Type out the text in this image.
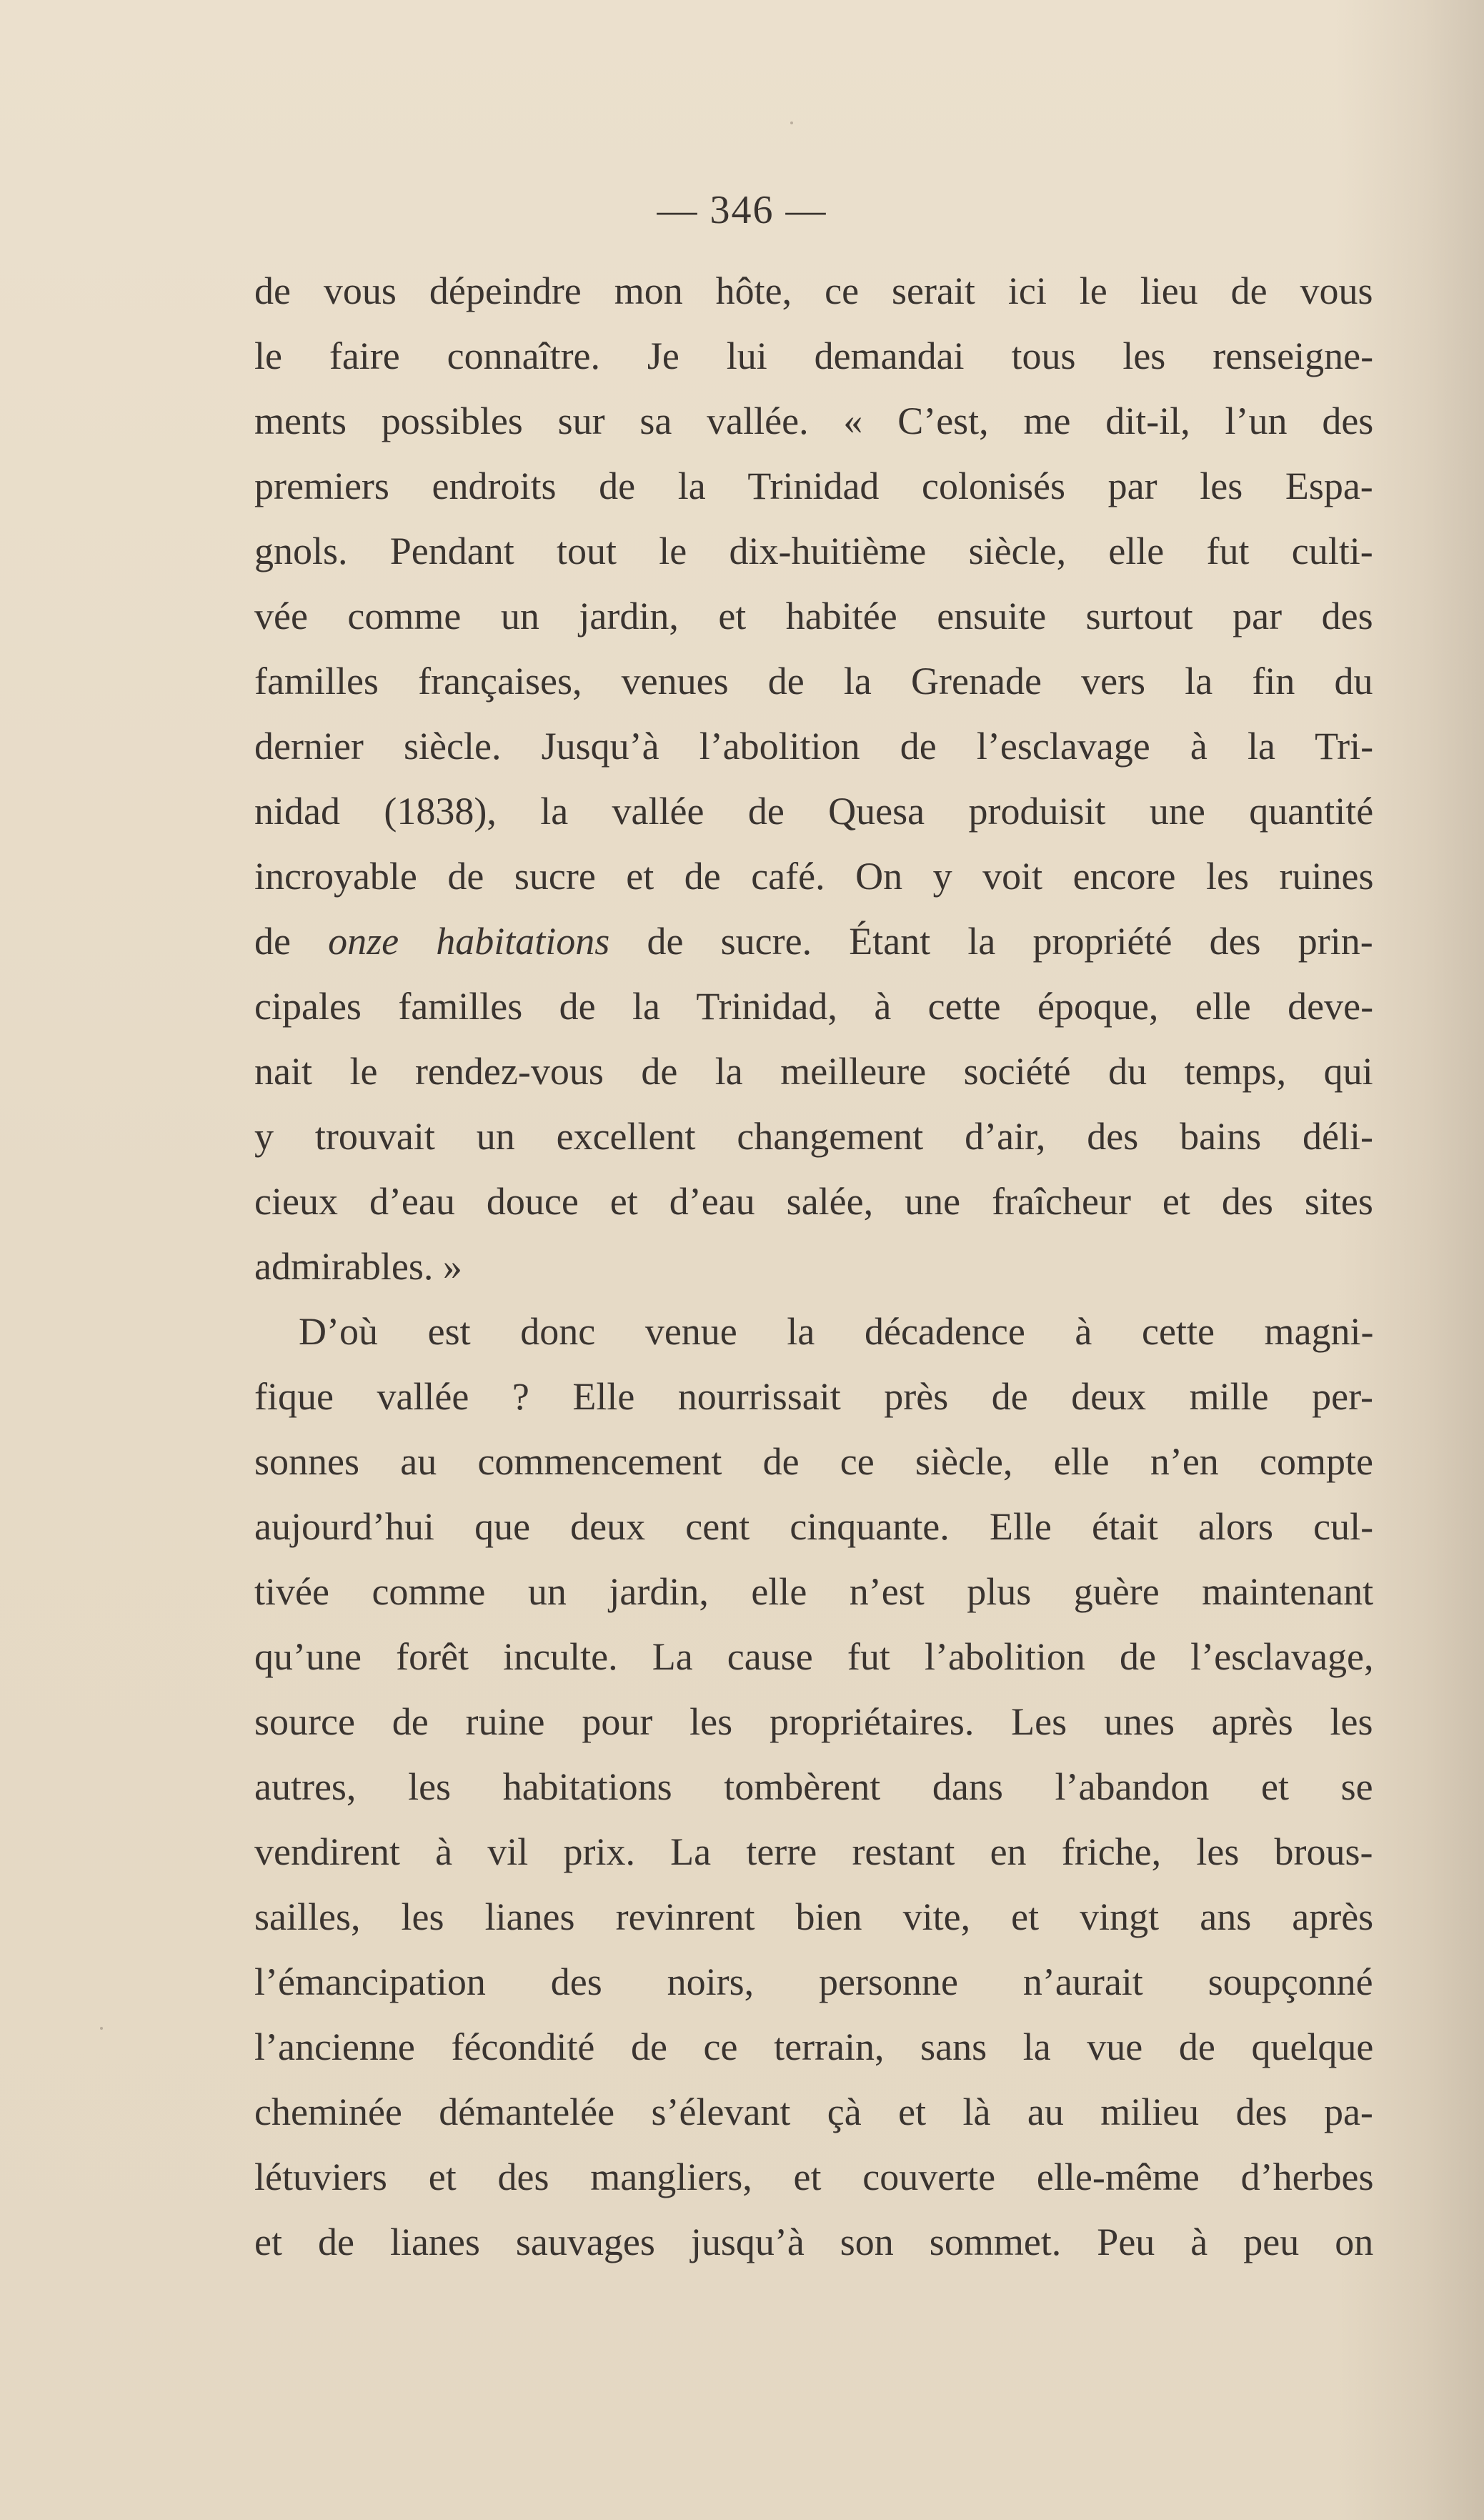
— 346 —
de vous dépeindre mon hôte, ce serait ici le lieu de vous
le faire connaître. Je lui demandai tous les renseigne-
ments possibles sur sa vallée. « C’est, me dit-il, l’un des
premiers endroits de la Trinidad colonisés par les Espa-
gnols. Pendant tout le dix-huitième siècle, elle fut culti-
vée comme un jardin, et habitée ensuite surtout par des
familles françaises, venues de la Grenade vers la fin du
dernier siècle. Jusqu’à l’abolition de l’esclavage à la Tri-
nidad (1838), la vallée de Quesa produisit une quantité
incroyable de sucre et de café. On y voit encore les ruines
de onze habitations de sucre. Étant la propriété des prin-
cipales familles de la Trinidad, à cette époque, elle deve-
nait le rendez-vous de la meilleure société du temps, qui
y trouvait un excellent changement d’air, des bains déli-
cieux d’eau douce et d’eau salée, une fraîcheur et des sites
admirables. »
D’où est donc venue la décadence à cette magni-
fique vallée ? Elle nourrissait près de deux mille per-
sonnes au commencement de ce siècle, elle n’en compte
aujourd’hui que deux cent cinquante. Elle était alors cul-
tivée comme un jardin, elle n’est plus guère maintenant
qu’une forêt inculte. La cause fut l’abolition de l’esclavage,
source de ruine pour les propriétaires. Les unes après les
autres, les habitations tombèrent dans l’abandon et se
vendirent à vil prix. La terre restant en friche, les brous-
sailles, les lianes revinrent bien vite, et vingt ans après
l’émancipation des noirs, personne n’aurait soupçonné
l’ancienne fécondité de ce terrain, sans la vue de quelque
cheminée démantelée s’élevant çà et là au milieu des pa-
létuviers et des mangliers, et couverte elle-même d’herbes
et de lianes sauvages jusqu’à son sommet. Peu à peu on
